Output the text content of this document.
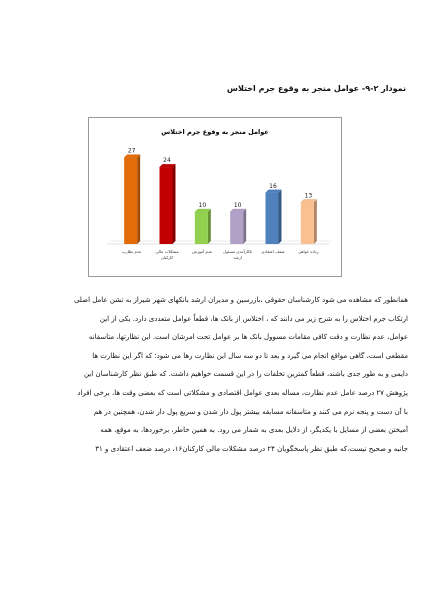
نمودار ۲-۹- عوامل منجر به وقوع جرم اختلاس
عوامل منجر به وقوع جرم اختلاس
27
عدم نظارت
24
مشکلات مالی کارکنان
10
عدم آموزش
10
ناکارآمدی مسئول ارشد
16
ضعف اعتقادی
13
زیاده خواهی
همانطور که مشاهده می شود کارشناسان حقوقی ،بازرسین و مدیران ارشد بانکهای شهر شیراز به تشن عامل اصلی
ارتکاب جرم اختلاس را به شرح زیر می دانند که ، اختلاس از بانک ها، قطعاً عوامل متعددی دارد. یکی از این
عوامل، عدم نظارت و دقت کافی مقامات مسوول بانک ها بر عوامل تحت امرشان است. این نظارتها، متاسفانه
مقطعی است، گاهی مواقع انجام می گیرد و بعد تا دو سه سال این نظارت رها می شود؛ که اگر این نظارت ها
دایمی و به طور جدی باشند، قطعاً کمترین تخلفات را در این قسمت خواهیم داشت. که طبق نظر کارشناسان این
پژوهش ۲۷ درصد عامل عدم نظارت، مساله بعدی عوامل اقتصادی و مشکلاتی است که بعضی وقت ها، برخی افراد
با آن دست و پنجه نرم می کنند و متاسفانه مسابقه بیشتر پول دار شدن و سریع پول دار شدن، همچنین در هم
آمیختن بعضی از مسایل با یکدیگر، از دلایل بعدی به شمار می رود. به همین خاطر، برخوردها، به موقع، همه
جانبه و صحیح نیست،که طبق نظر پاسخگویان ۲۴ درصد مشکلات مالی کارکنان۱۶، درصد ضعف اعتقادی و ۳۱
